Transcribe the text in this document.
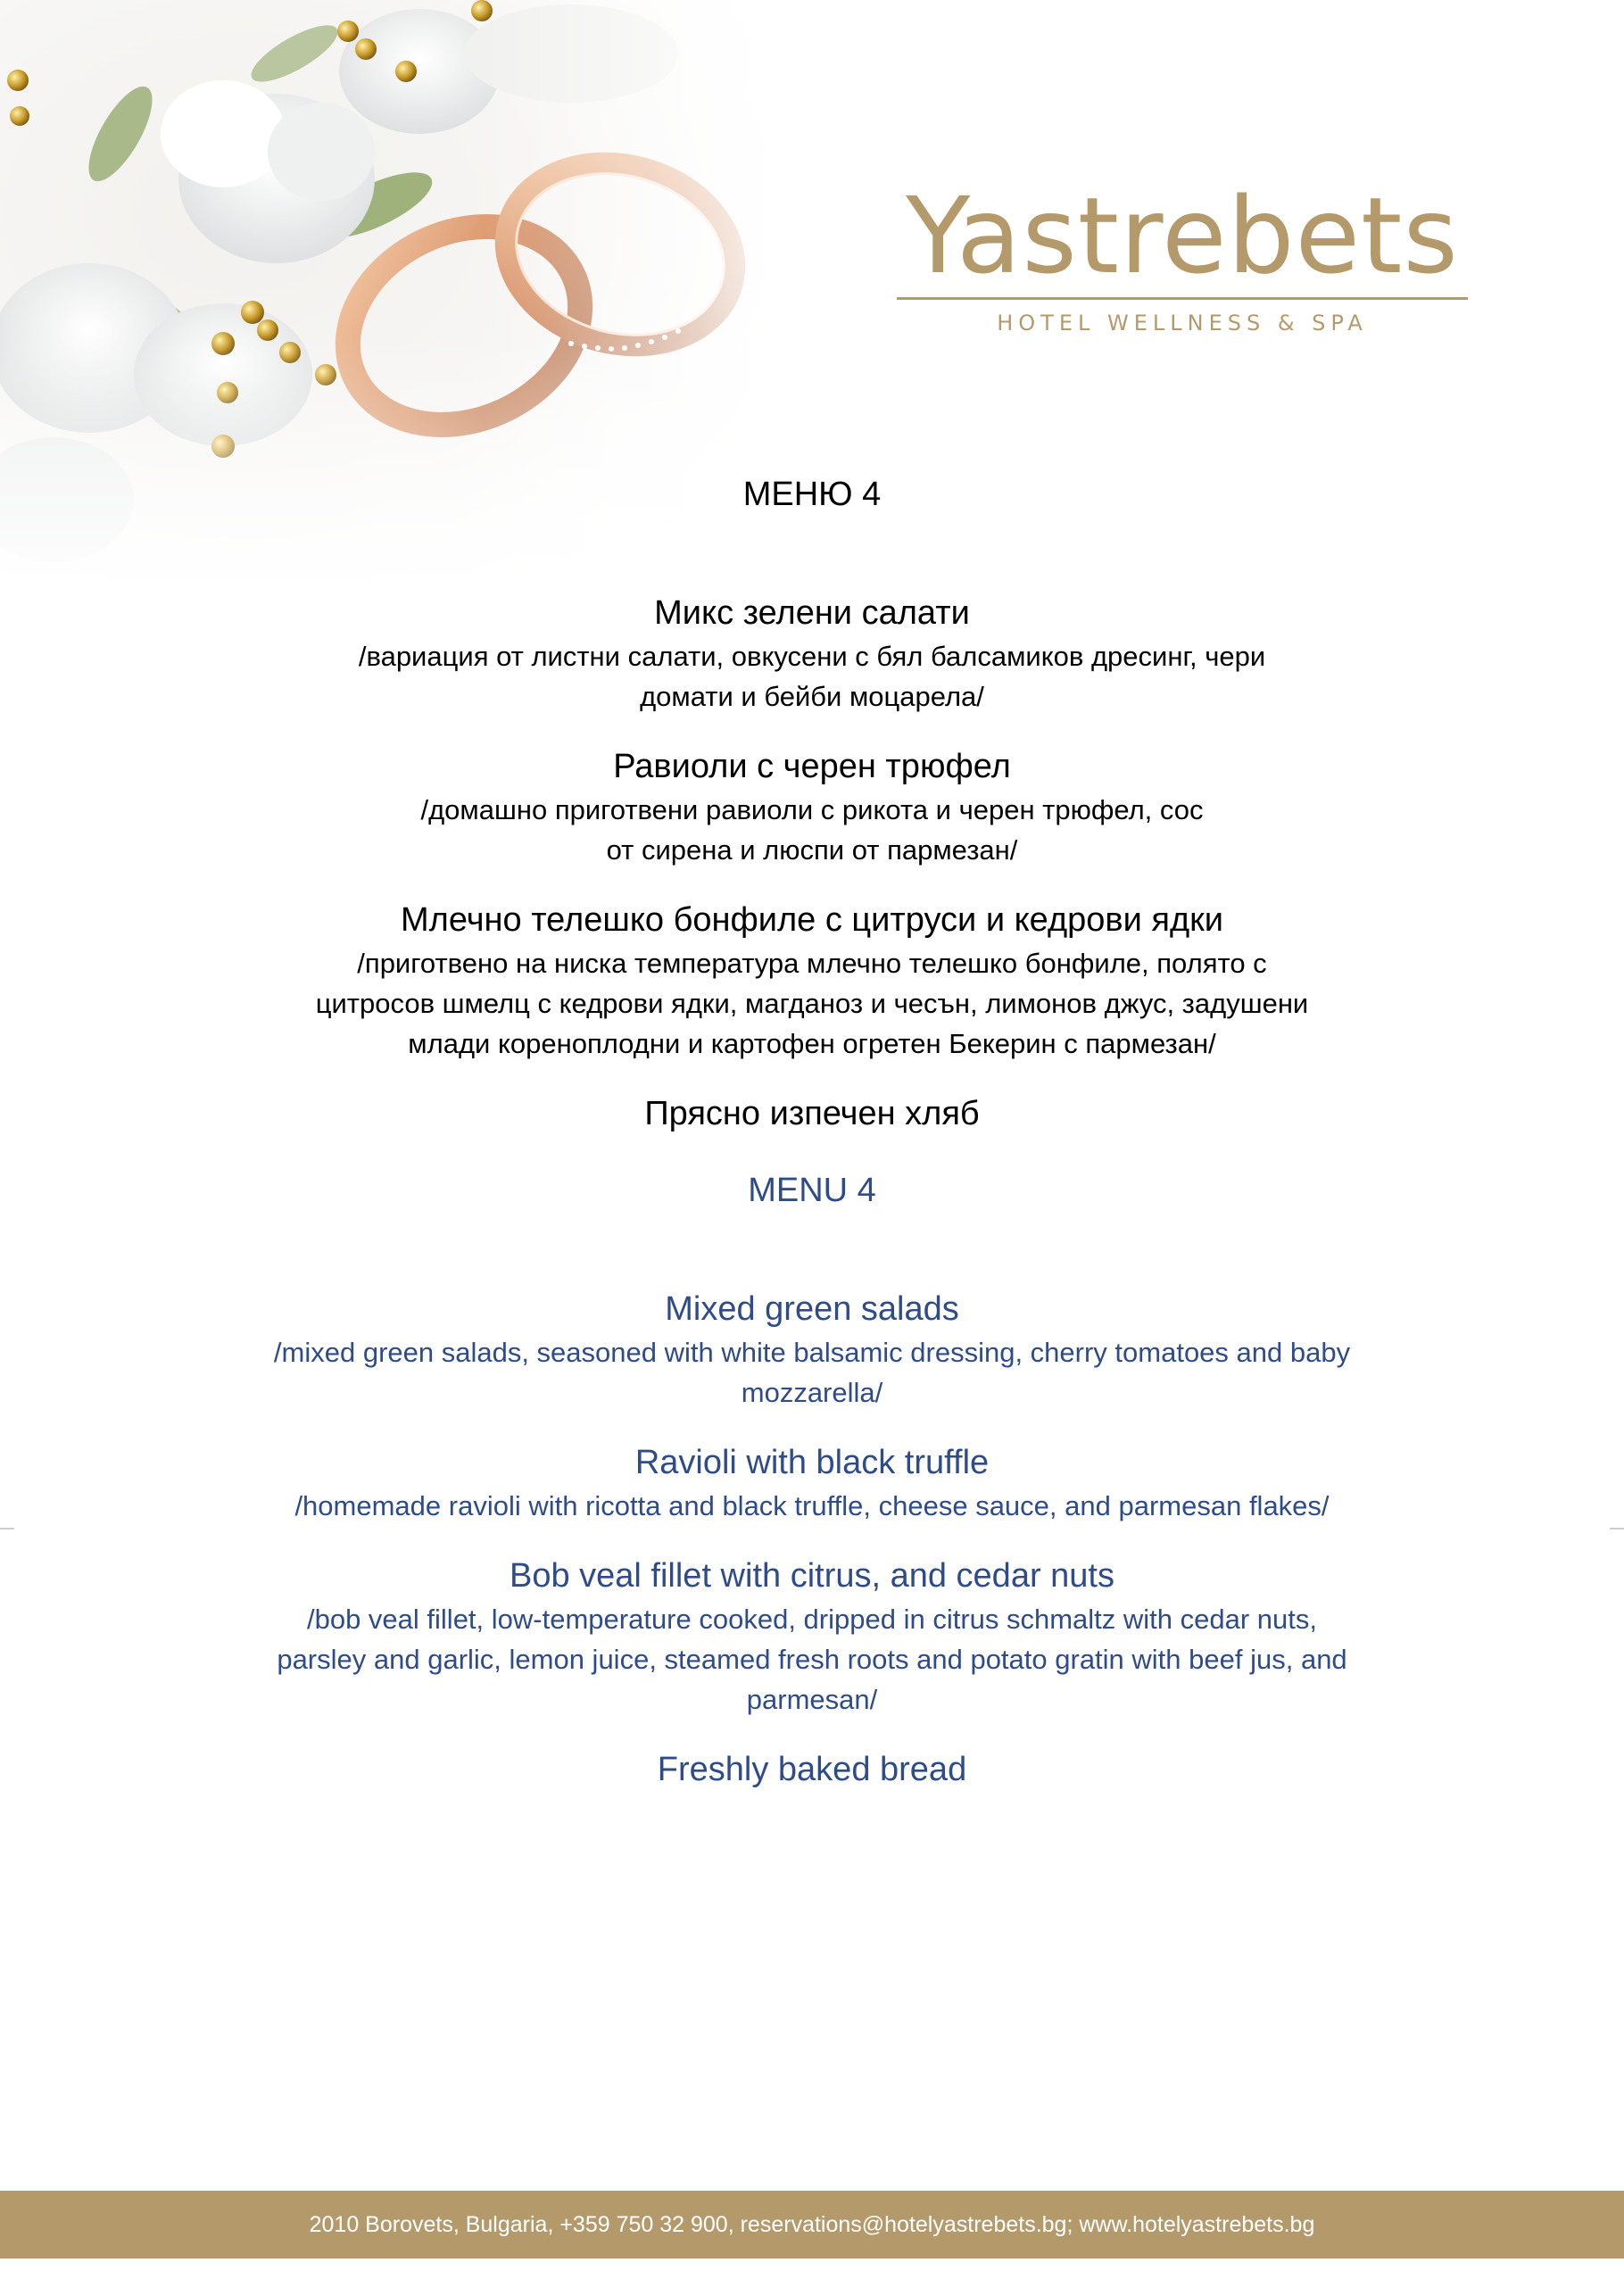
Yastrebets
HOTEL WELLNESS & SPA
МЕНЮ 4
Микс зелени салати
/вариация от листни салати, овкусени с бял балсамиков дресинг, чери домати и бейби моцарела/
Равиоли с черен трюфел
/домашно приготвени равиоли с рикота и черен трюфел, сос от сирена и люспи от пармезан/
Млечно телешко бонфиле с цитруси и кедрови ядки
/приготвено на ниска температура млечно телешко бонфиле, полято с цитросов шмелц с кедрови ядки, магданоз и чесън, лимонов джус, задушени млади кореноплодни и картофен огретен Бекерин с пармезан/
Прясно изпечен хляб
MENU 4
Mixed green salads
/mixed green salads, seasoned with white balsamic dressing, cherry tomatoes and baby mozzarella/
Ravioli with black truffle
/homemade ravioli with ricotta and black truffle, cheese sauce, and parmesan flakes/
Bob veal fillet with citrus, and cedar nuts
/bob veal fillet, low-temperature cooked, dripped in citrus schmaltz with cedar nuts, parsley and garlic, lemon juice, steamed fresh roots and potato gratin with beef jus, and parmesan/
Freshly baked bread
2010 Borovets, Bulgaria, +359 750 32 900, reservations@hotelyastrebets.bg; www.hotelyastrebets.bg
